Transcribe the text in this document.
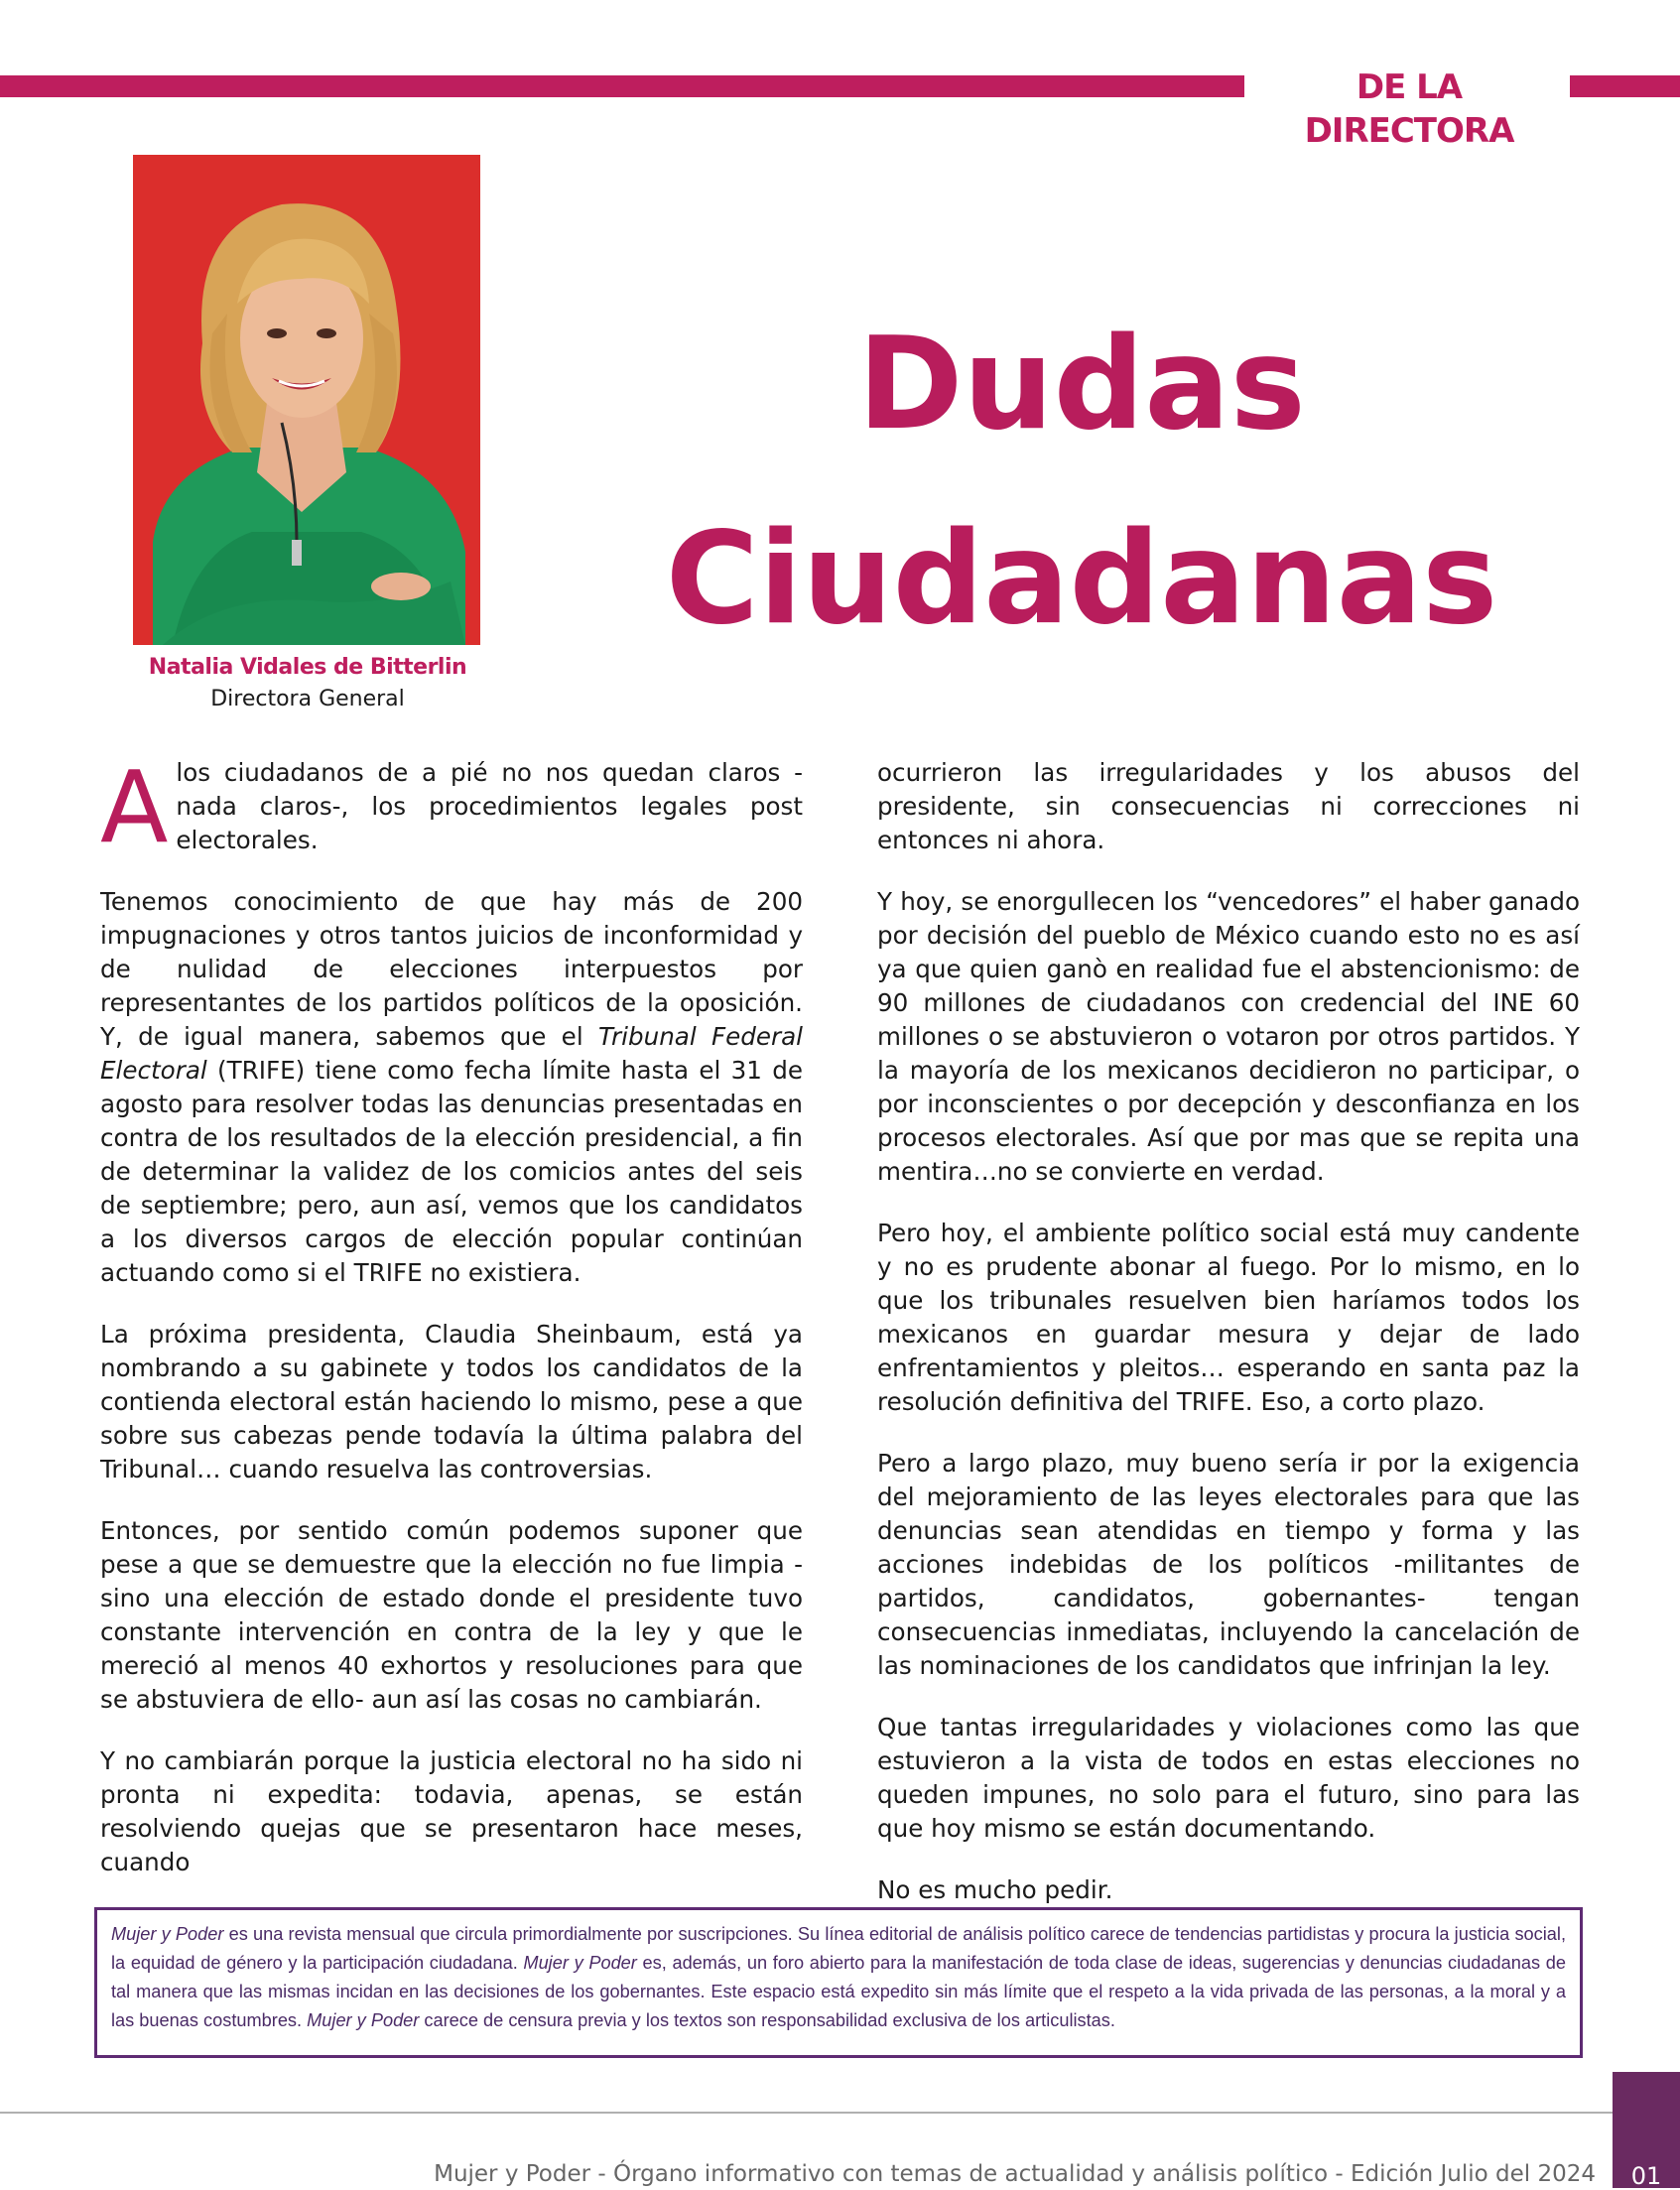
DE LA DIRECTORA
Natalia Vidales de Bitterlin
Directora General
Dudas
Ciudadanas

Alos ciudadanos de a pié no nos quedan claros -nada claros-, los procedimientos legales post electorales.

Tenemos conocimiento de que hay más de 200 impugnaciones y otros tantos juicios de inconformidad y de nulidad de elecciones interpuestos por representantes de los partidos políticos de la oposición. Y, de igual manera, sabemos que el Tribunal Federal Electoral (TRIFE) tiene como fecha límite hasta el 31 de agosto para resolver todas las denuncias presentadas en contra de los resultados de la elección presidencial, a fin de determinar la validez de los comicios antes del seis de septiembre; pero, aun así, vemos que los candidatos a los diversos cargos de elección popular continúan actuando como si el TRIFE no existiera.

La próxima presidenta, Claudia Sheinbaum, está ya nombrando a su gabinete y todos los candidatos de la contienda electoral están haciendo lo mismo, pese a que sobre sus cabezas pende todavía la última palabra del Tribunal… cuando resuelva las controversias.

Entonces, por sentido común podemos suponer que pese a que se demuestre que la elección no fue limpia -sino una elección de estado donde el presidente tuvo constante intervención en contra de la ley y que le mereció al menos 40 exhortos y resoluciones para que se abstuviera de ello- aun así las cosas no cambiarán.

Y no cambiarán porque la justicia electoral no ha sido ni pronta ni expedita: todavia, apenas, se están resolviendo quejas que se presentaron hace meses, cuando

ocurrieron las irregularidades y los abusos del presidente, sin consecuencias ni correcciones ni entonces ni ahora.

Y hoy, se enorgullecen los “vencedores” el haber ganado por decisión del pueblo de México cuando esto no es así ya que quien ganò en realidad fue el abstencionismo: de 90 millones de ciudadanos con credencial del INE 60 millones o se abstuvieron o votaron por otros partidos. Y la mayoría de los mexicanos decidieron no participar, o por inconscientes o por decepción y desconfianza en los procesos electorales. Así que por mas que se repita una mentira…no se convierte en verdad.

Pero hoy, el ambiente político social está muy candente y no es prudente abonar al fuego. Por lo mismo, en lo que los tribunales resuelven bien haríamos todos los mexicanos en guardar mesura y dejar de lado enfrentamientos y pleitos… esperando en santa paz la resolución definitiva del TRIFE. Eso, a corto plazo.

Pero a largo plazo, muy bueno sería ir por la exigencia del mejoramiento de las leyes electorales para que las denuncias sean atendidas en tiempo y forma y las acciones indebidas de los políticos -militantes de partidos, candidatos, gobernantes- tengan consecuencias inmediatas, incluyendo la cancelación de las nominaciones de los candidatos que infrinjan la ley.

Que tantas irregularidades y violaciones como las que estuvieron a la vista de todos en estas elecciones no queden impunes, no solo para el futuro, sino para las que hoy mismo se están documentando.

No es mucho pedir.

Mujer y Poder es una revista mensual que circula primordialmente por suscripciones. Su línea editorial de análisis político carece de tendencias partidistas y procura la justicia social, la equidad de género y la participación ciudadana. Mujer y Poder es, además, un foro abierto para la manifestación de toda clase de ideas, sugerencias y denuncias ciudadanas de tal manera que las mismas incidan en las decisiones de los gobernantes. Este espacio está expedito sin más límite que el respeto a la vida privada de las personas, a la moral y a las buenas costumbres. Mujer y Poder carece de censura previa y los textos son responsabilidad exclusiva de los articulistas.
Mujer y Poder - Órgano informativo con temas de actualidad y análisis político - Edición Julio del 2024	01
